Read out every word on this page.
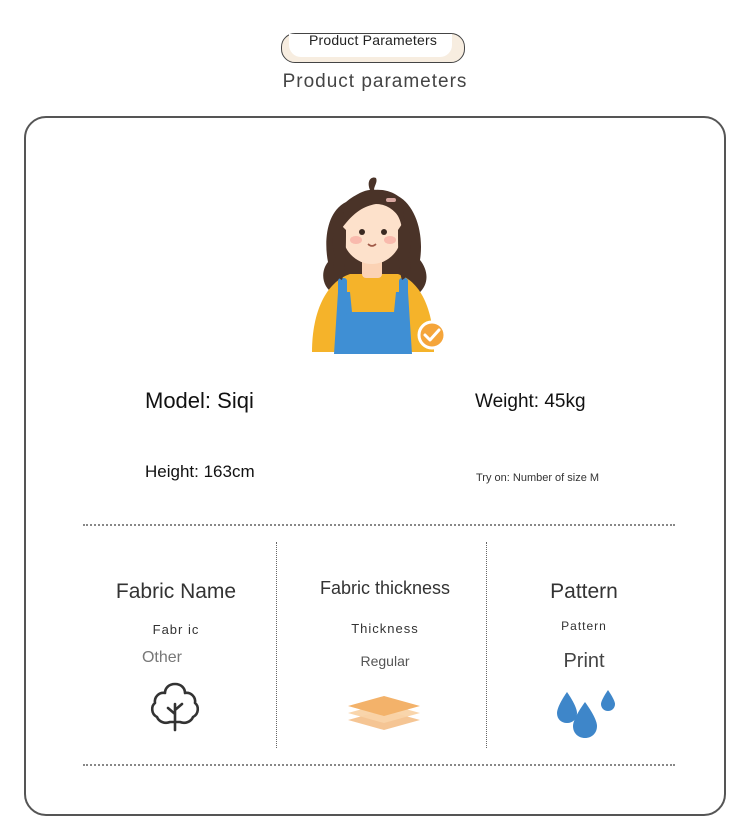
Product Parameters
Product parameters
Model: Siqi	Weight: 45kg
Height: 163cm	Try on: Number of size M
Fabric Name
Fabr ic
Other
Fabric thickness
Thickness
Regular
Pattern
Pattern
Print
